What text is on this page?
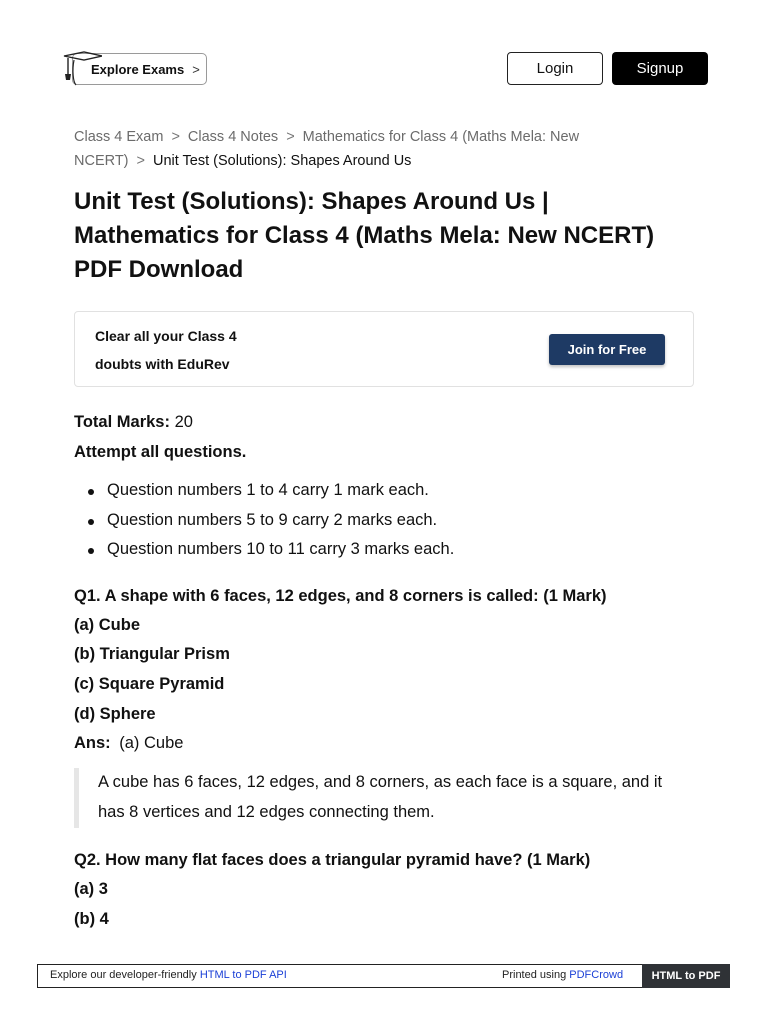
Explore Exams >	Login	Signup
Class 4 Exam > Class 4 Notes > Mathematics for Class 4 (Maths Mela: New
NCERT) > Unit Test (Solutions): Shapes Around Us
Unit Test (Solutions): Shapes Around Us |
Mathematics for Class 4 (Maths Mela: New NCERT)
PDF Download
Clear all your Class 4
doubts with EduRev
Join for Free
Total Marks: 20
Attempt all questions.
Question numbers 1 to 4 carry 1 mark each.
Question numbers 5 to 9 carry 2 marks each.
Question numbers 10 to 11 carry 3 marks each.
Q1. A shape with 6 faces, 12 edges, and 8 corners is called: (1 Mark)
(a) Cube
(b) Triangular Prism
(c) Square Pyramid
(d) Sphere
Ans: (a) Cube
A cube has 6 faces, 12 edges, and 8 corners, as each face is a square, and it
has 8 vertices and 12 edges connecting them.
Q2. How many flat faces does a triangular pyramid have? (1 Mark)
(a) 3
(b) 4
Explore our developer-friendly HTML to PDF API	Printed using PDFCrowd	HTML to PDF
